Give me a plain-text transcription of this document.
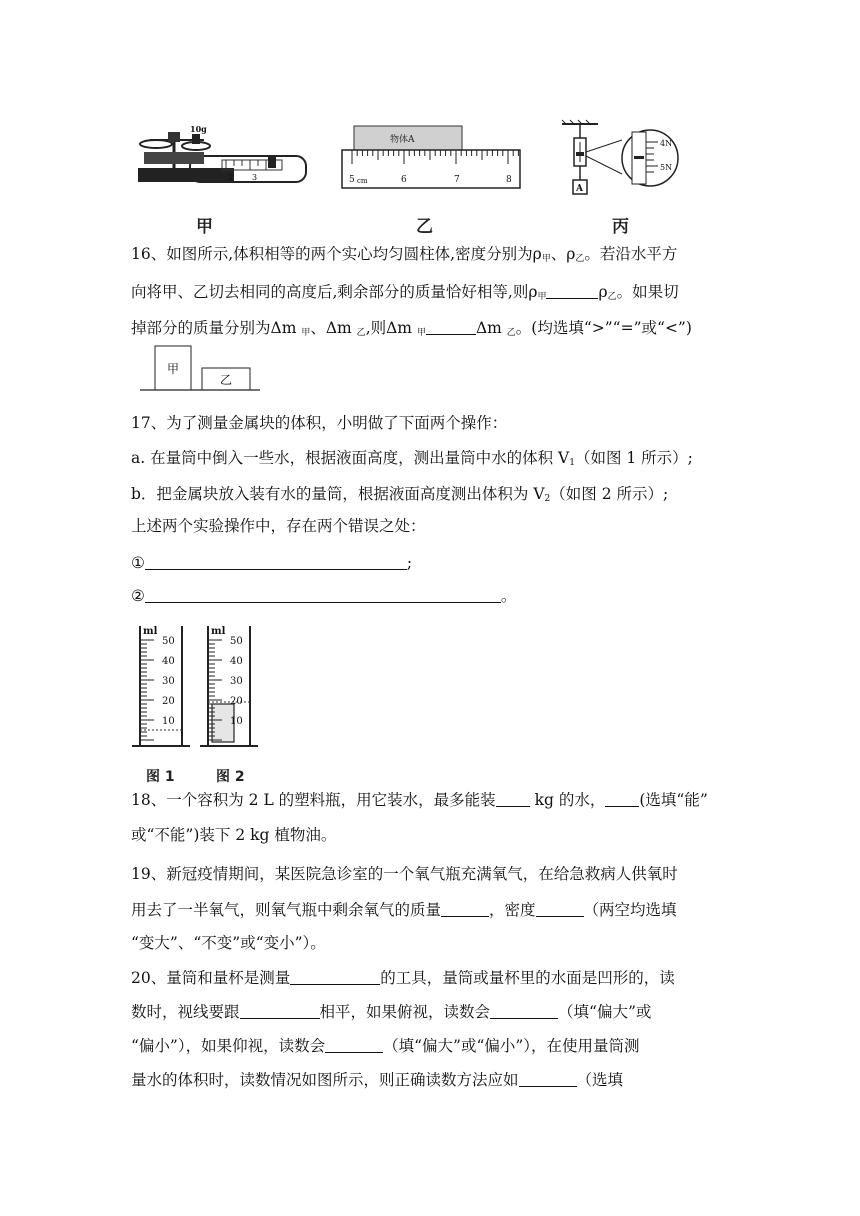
2 3
10g
物体A
5 cm	6	7	8
A
4N
5N
甲	乙	丙
16、如图所示,体积相等的两个实心均匀圆柱体,密度分别为$\rho_甲$、$\rho_乙$。若沿水平方
向将甲、乙切去相同的高度后,剩余部分的质量恰好相等,则$\rho_甲$	$\rho_乙$。如果切
掉部分的质量分别为Δm $_甲$、Δm $_乙$,则Δm $_甲$	Δm $_乙$。(均选填“>”“=”或“<”)
甲
乙
17、为了测量金属块的体积，小明做了下面两个操作：
a. 在量筒中倒入一些水，根据液面高度，测出量筒中水的体积 $V_1$（如图 1 所示）;
b．把金属块放入装有水的量筒，根据液面高度测出体积为 $V_2$（如图 2 所示）;
上述两个实验操作中，存在两个错误之处：
①	;
②	。
ml
50
40
30
20
10
ml
50
40
30
20
10
图 1	图 2
18、一个容积为 2 L 的塑料瓶，用它装水，最多能装 kg 的水， (选填“能”
或“不能”)装下 2 kg 植物油。
19、新冠疫情期间，某医院急诊室的一个氧气瓶充满氧气，在给急救病人供氧时
用去了一半氧气，则氧气瓶中剩余氧气的质量	，密度	（两空均选填
“变大”、“不变”或“变小”）。
20、量筒和量杯是测量	的工具，量筒或量杯里的水面是凹形的，读
数时，视线要跟	相平，如果俯视，读数会	（填“偏大”或
“偏小”），如果仰视，读数会	（填“偏大”或“偏小”），在使用量筒测
量水的体积时，读数情况如图所示，则正确读数方法应如	（选填
